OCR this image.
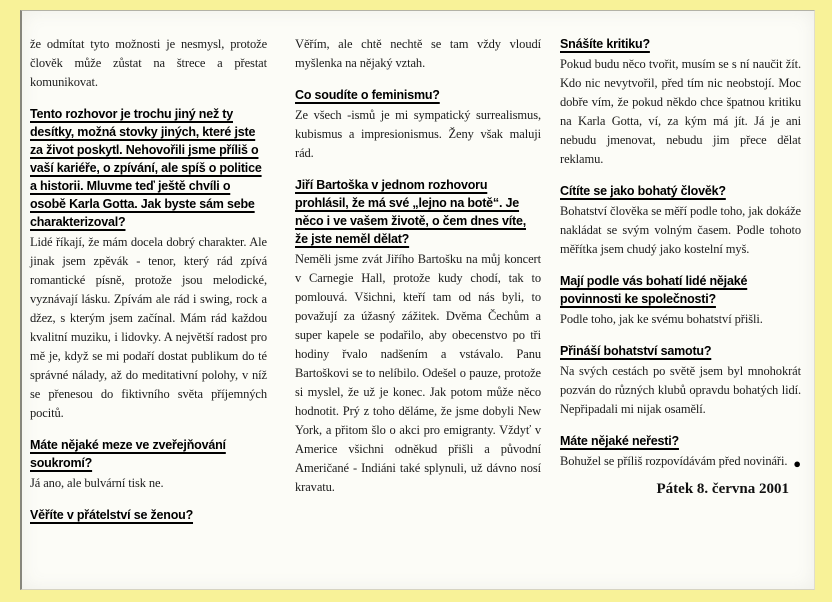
že odmítat tyto možnosti je nesmysl, protože člověk může zůstat na štrece a přestat komunikovat.

Tento rozhovor je trochu jiný než ty desítky, možná stovky jiných, které jste za život poskytl. Nehovořili jsme příliš o vaší kariéře, o zpívání, ale spíš o politice a historii. Mluvme teď ještě chvíli o osobě Karla Gotta. Jak byste sám sebe charakterizoval?

Lidé říkají, že mám docela dobrý charakter. Ale jinak jsem zpěvák - tenor, který rád zpívá romantické písně, protože jsou melodické, vyznávají lásku. Zpívám ale rád i swing, rock a džez, s kterým jsem začínal. Mám rád každou kvalitní muziku, i lidovky. A největší radost pro mě je, když se mi podaří dostat publikum do té správné nálady, až do meditativní polohy, v níž se přenesou do fiktivního světa příjemných pocitů.

Máte nějaké meze ve zveřejňování soukromí?

Já ano, ale bulvární tisk ne.

Věříte v přátelství se ženou?

Věřím, ale chtě nechtě se tam vždy vloudí myšlenka na nějaký vztah.

Co soudíte o feminismu?

Ze všech -ismů je mi sympatický surrealismus, kubismus a impresionismus. Ženy však maluji rád.

Jiří Bartoška v jednom rozhovoru prohlásil, že má své „lejno na botě“. Je něco i ve vašem životě, o čem dnes víte, že jste neměl dělat?

Neměli jsme zvát Jiřího Bartošku na můj koncert v Carnegie Hall, protože kudy chodí, tak to pomlouvá. Všichni, kteří tam od nás byli, to považují za úžasný zážitek. Dvěma Čechům a super kapele se podařilo, aby obecenstvo po tři hodiny řvalo nadšením a vstávalo. Panu Bartoškovi se to nelíbilo. Odešel o pauze, protože si myslel, že už je konec. Jak potom může něco hodnotit. Prý z toho děláme, že jsme dobyli New York, a přitom šlo o akci pro emigranty. Vždyť v Americe všichni odněkud přišli a původní Američané - Indiáni také splynuli, už dávno nosí kravatu.

Snášíte kritiku?

Pokud budu něco tvořit, musím se s ní naučit žít. Kdo nic nevytvořil, před tím nic neobstojí. Moc dobře vím, že pokud někdo chce špatnou kritiku na Karla Gotta, ví, za kým má jít. Já je ani nebudu jmenovat, nebudu jim přece dělat reklamu.

Cítíte se jako bohatý člověk?

Bohatství člověka se měří podle toho, jak dokáže nakládat se svým volným časem. Podle tohoto měřítka jsem chudý jako kostelní myš.

Mají podle vás bohatí lidé nějaké povinnosti ke společnosti?

Podle toho, jak ke svému bohatství přišli.

Přináší bohatství samotu?

Na svých cestách po světě jsem byl mnohokrát pozván do různých klubů opravdu bohatých lidí. Nepřipadali mi nijak osamělí.

Máte nějaké neřesti?

Bohužel se příliš rozpovídávám před novináři. ●

Pátek 8. června 2001
